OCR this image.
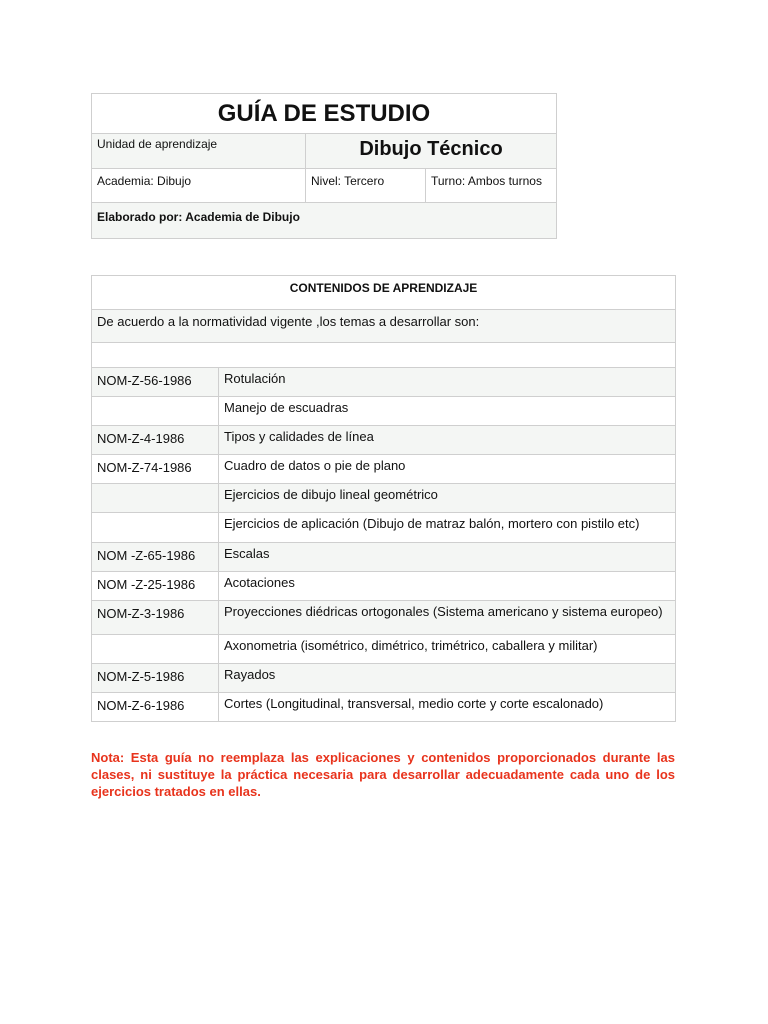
GUÍA DE ESTUDIO		
Unidad de aprendizaje	Dibujo Técnico	
Academia: Dibujo	Nivel: Tercero	Turno: Ambos turnos
Elaborado por: Academia de Dibujo		
CONTENIDOS DE APRENDIZAJE	
De acuerdo a la normatividad vigente ,los temas a desarrollar son:	

NOM-Z-56-1986	Rotulación
	Manejo de escuadras
NOM-Z-4-1986	Tipos y calidades de línea
NOM-Z-74-1986	Cuadro de datos o pie de plano
	Ejercicios de dibujo lineal geométrico
	Ejercicios de aplicación (Dibujo de matraz balón, mortero con pistilo etc)
NOM -Z-65-1986	Escalas
NOM -Z-25-1986	Acotaciones
NOM-Z-3-1986	Proyecciones diédricas ortogonales (Sistema americano y sistema europeo)
	Axonometria (isométrico, dimétrico, trimétrico, caballera y militar)
NOM-Z-5-1986	Rayados
NOM-Z-6-1986	Cortes (Longitudinal, transversal, medio corte y corte escalonado)
Nota: Esta guía no reemplaza las explicaciones y contenidos proporcionados durante las clases, ni sustituye la práctica necesaria para desarrollar adecuadamente cada uno de los ejercicios tratados en ellas.
